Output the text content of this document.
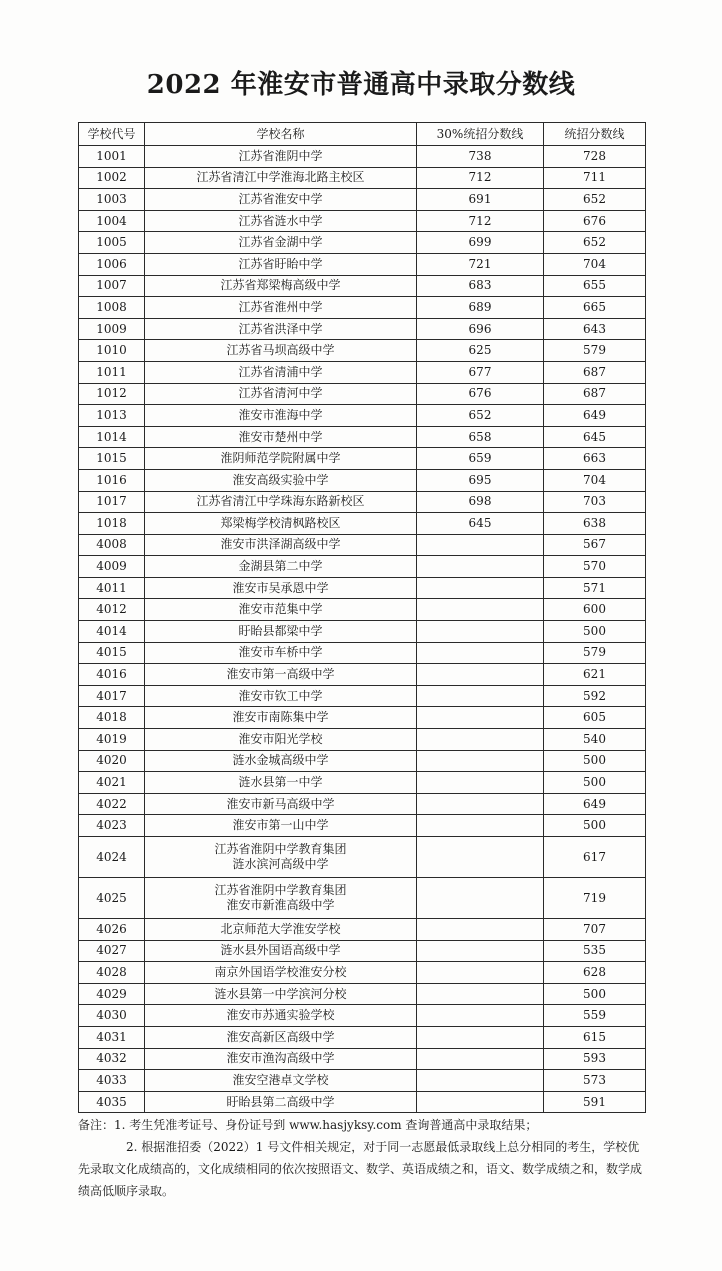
2022 年淮安市普通高中录取分数线
学校代号	学校名称	30%统招分数线	统招分数线
1001	江苏省淮阴中学	738	728
1002	江苏省清江中学淮海北路主校区	712	711
1003	江苏省淮安中学	691	652
1004	江苏省涟水中学	712	676
1005	江苏省金湖中学	699	652
1006	江苏省盱眙中学	721	704
1007	江苏省郑梁梅高级中学	683	655
1008	江苏省淮州中学	689	665
1009	江苏省洪泽中学	696	643
1010	江苏省马坝高级中学	625	579
1011	江苏省清浦中学	677	687
1012	江苏省清河中学	676	687
1013	淮安市淮海中学	652	649
1014	淮安市楚州中学	658	645
1015	淮阴师范学院附属中学	659	663
1016	淮安高级实验中学	695	704
1017	江苏省清江中学珠海东路新校区	698	703
1018	郑梁梅学校清枫路校区	645	638
4008	淮安市洪泽湖高级中学		567
4009	金湖县第二中学		570
4011	淮安市吴承恩中学		571
4012	淮安市范集中学		600
4014	盱眙县都梁中学		500
4015	淮安市车桥中学		579
4016	淮安市第一高级中学		621
4017	淮安市钦工中学		592
4018	淮安市南陈集中学		605
4019	淮安市阳光学校		540
4020	涟水金城高级中学		500
4021	涟水县第一中学		500
4022	淮安市新马高级中学		649
4023	淮安市第一山中学		500
4024	江苏省淮阴中学教育集团
涟水滨河高级中学		617
4025	江苏省淮阴中学教育集团
淮安市新淮高级中学		719
4026	北京师范大学淮安学校		707
4027	涟水县外国语高级中学		535
4028	南京外国语学校淮安分校		628
4029	涟水县第一中学滨河分校		500
4030	淮安市苏通实验学校		559
4031	淮安高新区高级中学		615
4032	淮安市渔沟高级中学		593
4033	淮安空港卓文学校		573
4035	盱眙县第二高级中学		591

备注：1. 考生凭准考证号、身份证号到 www.hasjyksy.com 查询普通高中录取结果；

2. 根据淮招委（2022）1 号文件相关规定，对于同一志愿最低录取线上总分相同的考生，学校优先录取文化成绩高的，文化成绩相同的依次按照语文、数学、英语成绩之和，语文、数学成绩之和，数学成绩高低顺序录取。
